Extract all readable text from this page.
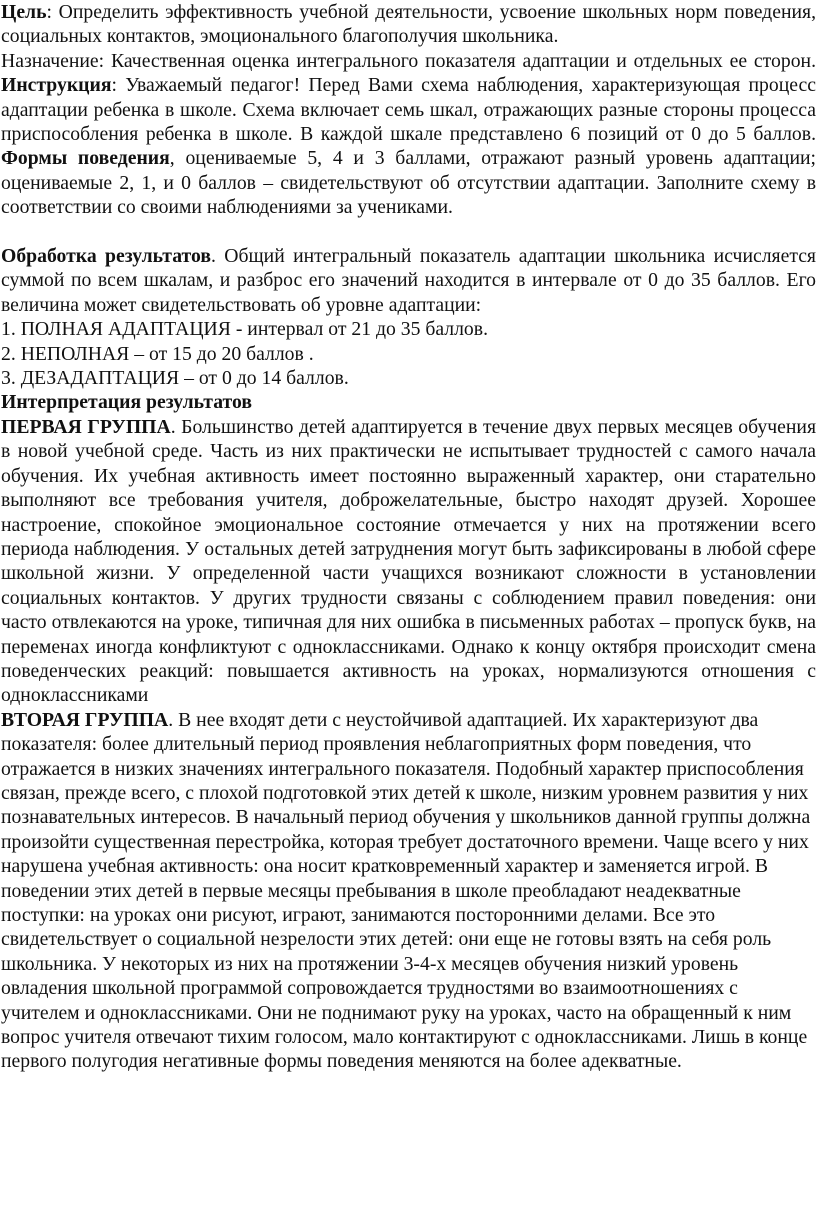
Цель: Определить эффективность учебной деятельности, усвоение школьных норм поведения, социальных контактов, эмоционального благополучия школьника.

Назначение: Качественная оценка интегрального показателя адаптации и отдельных ее сторон. Инструкция: Уважаемый педагог! Перед Вами схема наблюдения, характеризующая процесс адаптации ребенка в школе. Схема включает семь шкал, отражающих разные стороны процесса приспособления ребенка в школе. В каждой шкале представлено 6 позиций от 0 до 5 баллов. Формы поведения, оцениваемые 5, 4 и 3 баллами, отражают разный уровень адаптации; оцениваемые 2, 1, и 0 баллов – свидетельствуют об отсутствии адаптации. Заполните схему в соответствии со своими наблюдениями за учениками.

Обработка результатов. Общий интегральный показатель адаптации школьника исчисляется суммой по всем шкалам, и разброс его значений находится в интервале от 0 до 35 баллов. Его величина может свидетельствовать об уровне адаптации:

1. ПОЛНАЯ АДАПТАЦИЯ - интервал от 21 до 35 баллов.

2. НЕПОЛНАЯ – от 15 до 20 баллов .

3. ДЕЗАДАПТАЦИЯ – от 0 до 14 баллов.

Интерпретация результатов

ПЕРВАЯ ГРУППА. Большинство детей адаптируется в течение двух первых месяцев обучения в новой учебной среде. Часть из них практически не испытывает трудностей с самого начала обучения. Их учебная активность имеет постоянно выраженный характер, они старательно выполняют все требования учителя, доброжелательные, быстро находят друзей. Хорошее настроение, спокойное эмоциональное состояние отмечается у них на протяжении всего периода наблюдения. У остальных детей затруднения могут быть зафиксированы в любой сфере школьной жизни. У определенной части учащихся возникают сложности в установлении социальных контактов. У других трудности связаны с соблюдением правил поведения: они часто отвлекаются на уроке, типичная для них ошибка в письменных работах – пропуск букв, на переменах иногда конфликтуют с одноклассниками. Однако к концу октября происходит смена поведенческих реакций: повышается активность на уроках, нормализуются отношения с одноклассниками

ВТОРАЯ ГРУППА. В нее входят дети с неустойчивой адаптацией. Их характеризуют два показателя: более длительный период проявления неблагоприятных форм поведения, что отражается в низких значениях интегрального показателя. Подобный характер приспособления связан, прежде всего, с плохой подготовкой этих детей к школе, низким уровнем развития у них познавательных интересов. В начальный период обучения у школьников данной группы должна произойти существенная перестройка, которая требует достаточного времени. Чаще всего у них нарушена учебная активность: она носит кратковременный характер и заменяется игрой. В поведении этих детей в первые месяцы пребывания в школе преобладают неадекватные поступки: на уроках они рисуют, играют, занимаются посторонними делами. Все это свидетельствует о социальной незрелости этих детей: они еще не готовы взять на себя роль школьника. У некоторых из них на протяжении 3-4-х месяцев обучения низкий уровень овладения школьной программой сопровождается трудностями во взаимоотношениях с учителем и одноклассниками. Они не поднимают руку на уроках, часто на обращенный к ним вопрос учителя отвечают тихим голосом, мало контактируют с одноклассниками. Лишь в конце первого полугодия негативные формы поведения меняются на более адекватные.
